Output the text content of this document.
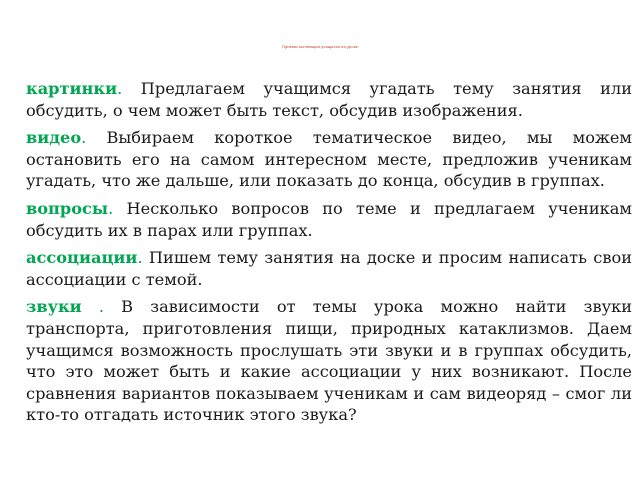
Приемы мотивации учащихся на уроке

картинки. Предлагаем учащимся угадать тему занятия или обсудить, о чем может быть текст, обсудив изображения.

видео. Выбираем короткое тематическое видео, мы можем остановить его на самом интересном месте, предложив ученикам угадать, что же дальше, или показать до конца, обсудив в группах.

вопросы. Несколько вопросов по теме и предлагаем ученикам обсудить их в парах или группах.

ассоциации. Пишем тему занятия на доске и просим написать свои ассоциации с темой.

звуки . В зависимости от темы урока можно найти звуки транспорта, приготовления пищи, природных катаклизмов. Даем учащимся возможность прослушать эти звуки и в группах обсудить, что это может быть и какие ассоциации у них возникают. После сравнения вариантов показываем ученикам и сам видеоряд – смог ли кто-то отгадать источник этого звука?
